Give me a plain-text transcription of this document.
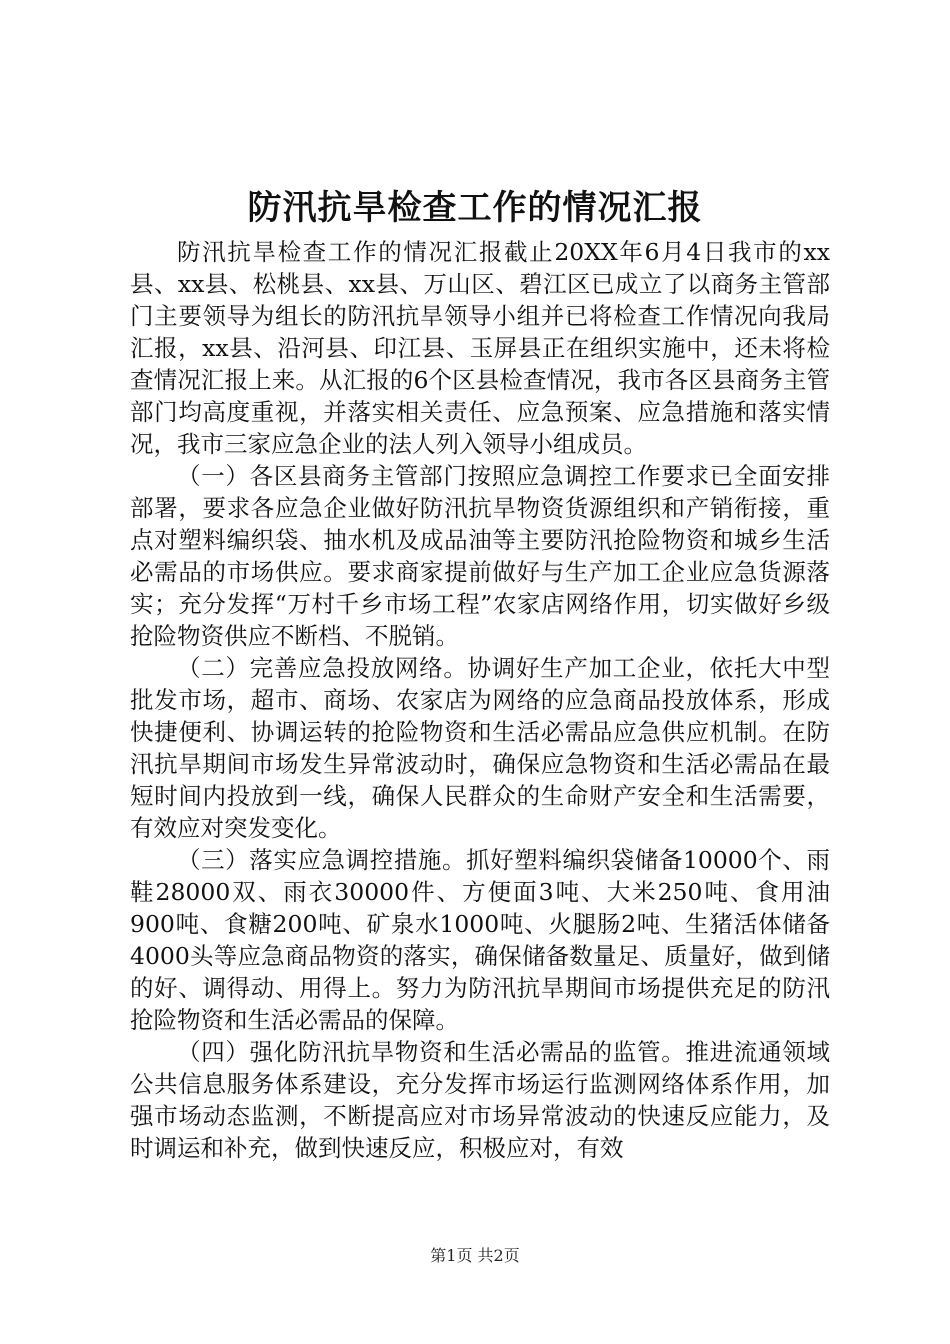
防汛抗旱检查工作的情况汇报

防汛抗旱检查工作的情况汇报截止20XX年6月4日我市的xx县、xx县、松桃县、xx县、万山区、碧江区已成立了以商务主管部门主要领导为组长的防汛抗旱领导小组并已将检查工作情况向我局汇报，xx县、沿河县、印江县、玉屏县正在组织实施中，还未将检查情况汇报上来。从汇报的6个区县检查情况，我市各区县商务主管部门均高度重视，并落实相关责任、应急预案、应急措施和落实情况，我市三家应急企业的法人列入领导小组成员。

（一）各区县商务主管部门按照应急调控工作要求已全面安排部署，要求各应急企业做好防汛抗旱物资货源组织和产销衔接，重点对塑料编织袋、抽水机及成品油等主要防汛抢险物资和城乡生活必需品的市场供应。要求商家提前做好与生产加工企业应急货源落实；充分发挥“万村千乡市场工程”农家店网络作用，切实做好乡级抢险物资供应不断档、不脱销。

（二）完善应急投放网络。协调好生产加工企业，依托大中型批发市场，超市、商场、农家店为网络的应急商品投放体系，形成快捷便利、协调运转的抢险物资和生活必需品应急供应机制。在防汛抗旱期间市场发生异常波动时，确保应急物资和生活必需品在最短时间内投放到一线，确保人民群众的生命财产安全和生活需要，有效应对突发变化。

（三）落实应急调控措施。抓好塑料编织袋储备10000个、雨鞋28000双、雨衣30000件、方便面3吨、大米250吨、食用油900吨、食糖200吨、矿泉水1000吨、火腿肠2吨、生猪活体储备4000头等应急商品物资的落实，确保储备数量足、质量好，做到储的好、调得动、用得上。努力为防汛抗旱期间市场提供充足的防汛抢险物资和生活必需品的保障。

（四）强化防汛抗旱物资和生活必需品的监管。推进流通领域公共信息服务体系建设，充分发挥市场运行监测网络体系作用，加强市场动态监测，不断提高应对市场异常波动的快速反应能力，及时调运和补充，做到快速反应，积极应对，有效

第1页 共2页
